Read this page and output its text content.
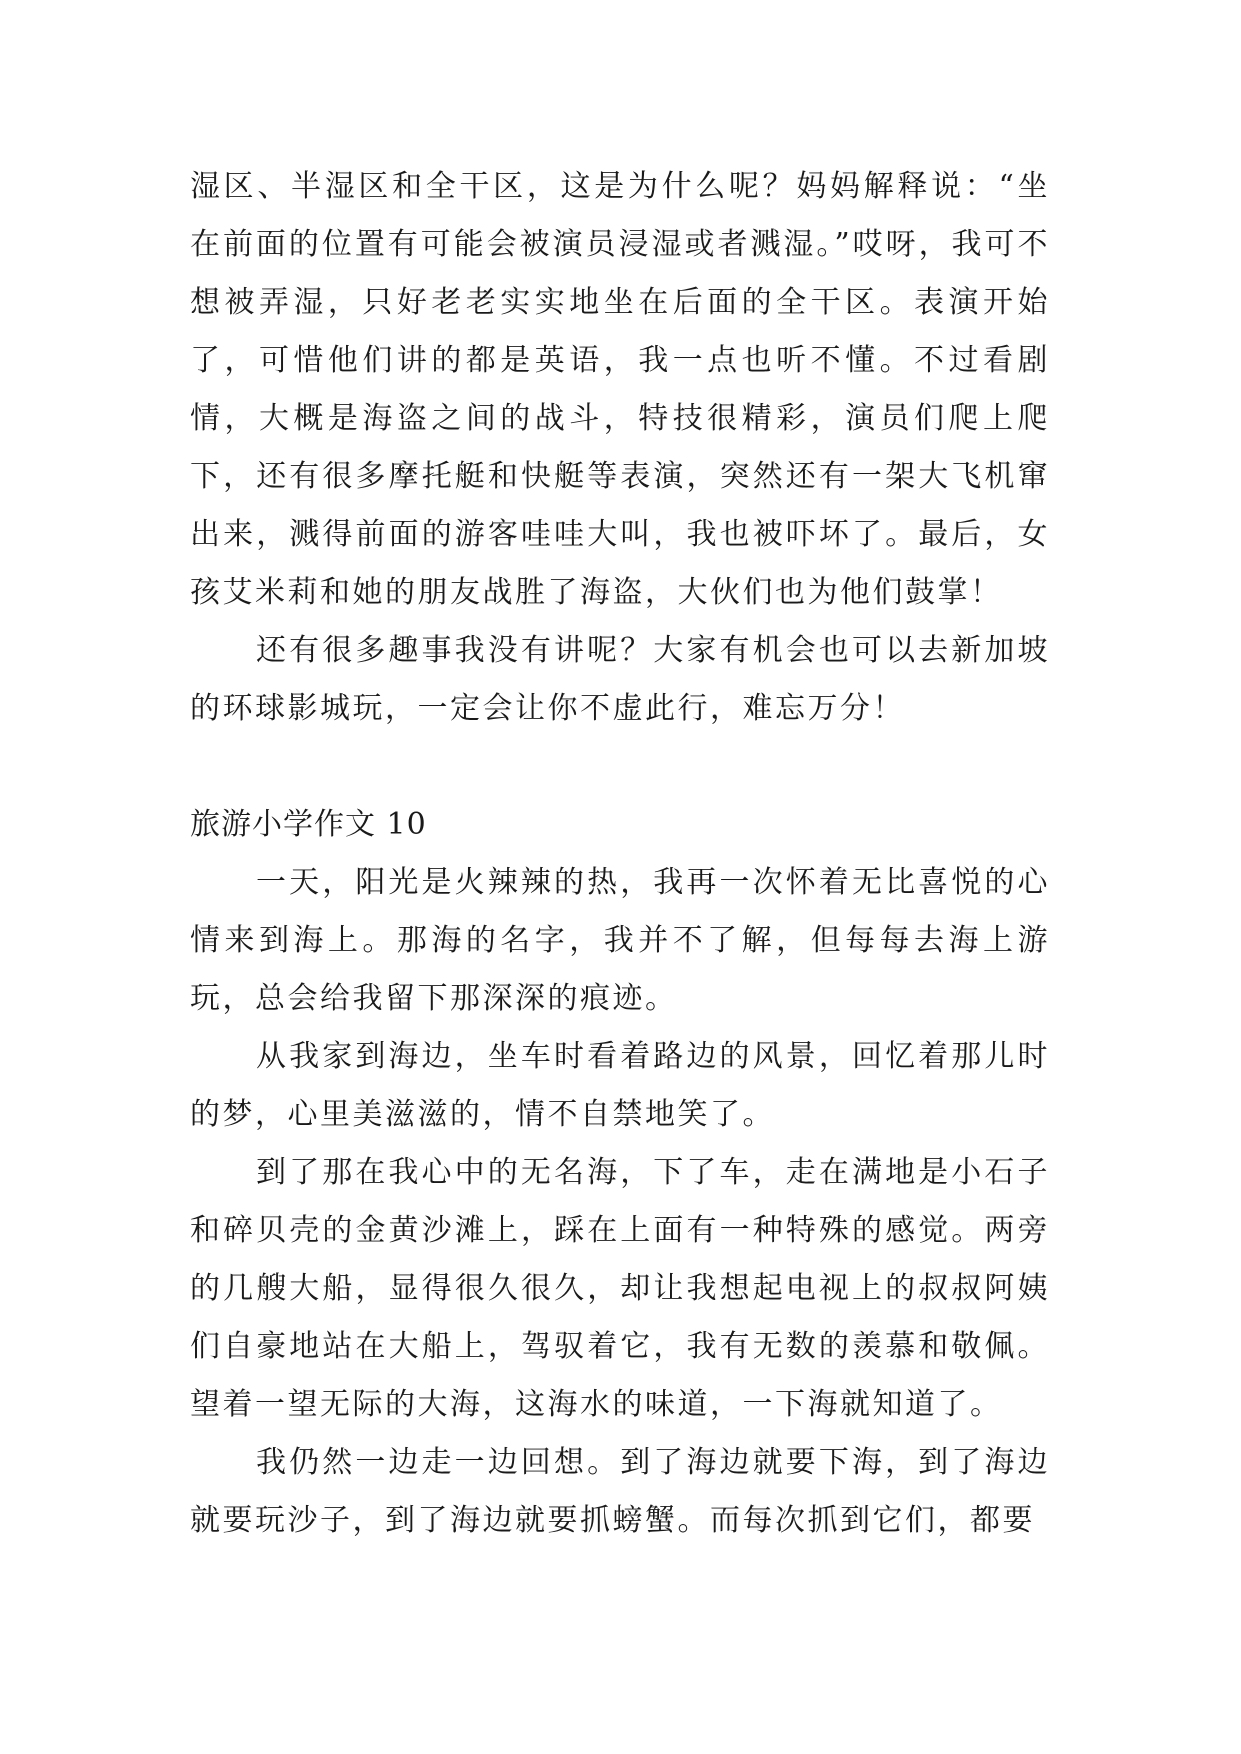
湿区、半湿区和全干区，这是为什么呢？妈妈解释说：“坐在前面的位置有可能会被演员浸湿或者溅湿。”哎呀，我可不想被弄湿，只好老老实实地坐在后面的全干区。表演开始了，可惜他们讲的都是英语，我一点也听不懂。不过看剧情，大概是海盗之间的战斗，特技很精彩，演员们爬上爬下，还有很多摩托艇和快艇等表演，突然还有一架大飞机窜出来，溅得前面的游客哇哇大叫，我也被吓坏了。最后，女孩艾米莉和她的朋友战胜了海盗，大伙们也为他们鼓掌！

还有很多趣事我没有讲呢？大家有机会也可以去新加坡的环球影城玩，一定会让你不虚此行，难忘万分！

旅游小学作文 10

一天，阳光是火辣辣的热，我再一次怀着无比喜悦的心情来到海上。那海的名字，我并不了解，但每每去海上游玩，总会给我留下那深深的痕迹。

从我家到海边，坐车时看着路边的风景，回忆着那儿时的梦，心里美滋滋的，情不自禁地笑了。

到了那在我心中的无名海，下了车，走在满地是小石子和碎贝壳的金黄沙滩上，踩在上面有一种特殊的感觉。两旁的几艘大船，显得很久很久，却让我想起电视上的叔叔阿姨们自豪地站在大船上，驾驭着它，我有无数的羡慕和敬佩。望着一望无际的大海，这海水的味道，一下海就知道了。

我仍然一边走一边回想。到了海边就要下海，到了海边就要玩沙子，到了海边就要抓螃蟹。而每次抓到它们，都要
